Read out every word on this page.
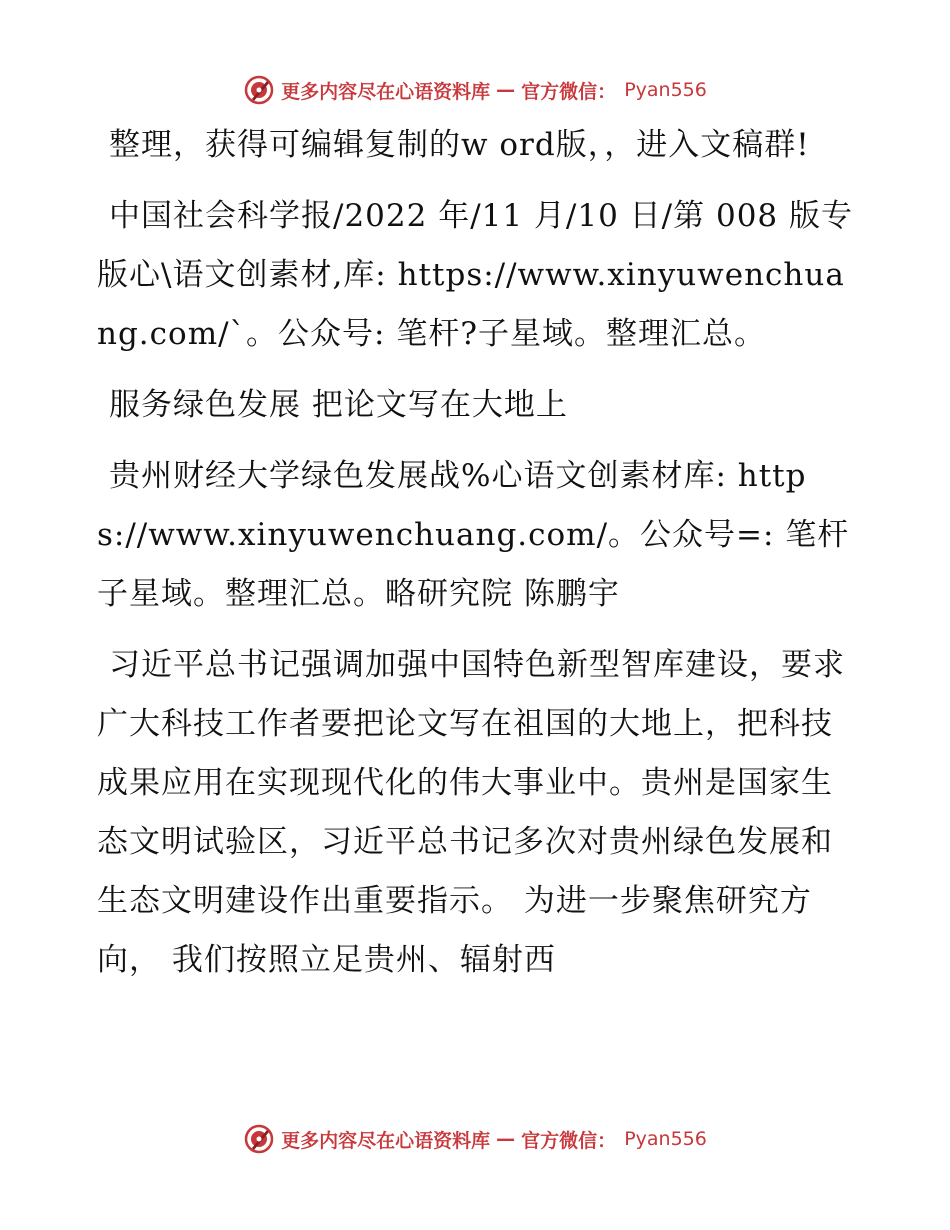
更多内容尽在心语资料库 — 官方微信： Pyan556

整理，获得可编辑复制的w ord版，，进入文稿群!

中国社会科学报/2022 年/11 月/10 日/第 008 版专版心\语文创素材,库: https://www.xinyuwenchuang.com/`。公众号: 笔杆?子星域。整理汇总。

服务绿色发展 把论文写在大地上

贵州财经大学绿色发展战%心语文创素材库: https://www.xinyuwenchuang.com/。公众号=: 笔杆子星域。整理汇总。略研究院 陈鹏宇

习近平总书记强调加强中国特色新型智库建设，要求广大科技工作者要把论文写在祖国的大地上，把科技成果应用在实现现代化的伟大事业中。贵州是国家生态文明试验区，习近平总书记多次对贵州绿色发展和生态文明建设作出重要指示。 为进一步聚焦研究方向， 我们按照立足贵州、辐射西

更多内容尽在心语资料库 — 官方微信： Pyan556
